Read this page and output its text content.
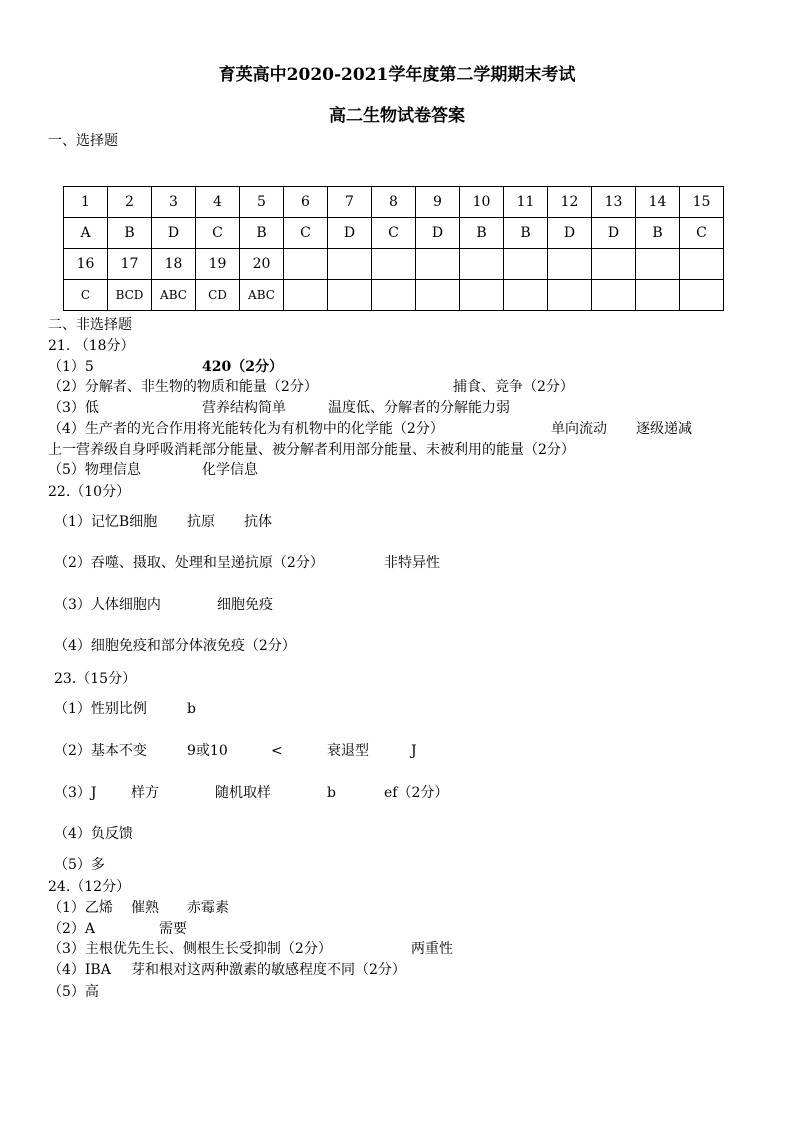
育英高中2020-2021学年度第二学期期末考试
高二生物试卷答案
一、选择题
1	2	3	4	5	6	7	8	9	10	11	12	13	14	15
A	B	D	C	B	C	D	C	D	B	B	D	D	B	C
16	17	18	19	20										
C	BCD	ABC	CD	ABC										
二、非选择题
21. （18分）
（1）5	420（2分）
（2）分解者、非生物的物质和能量（2分）	捕食、竞争（2分）
（3）低	营养结构简单	温度低、分解者的分解能力弱
（4）生产者的光合作用将光能转化为有机物中的化学能（2分）	单向流动 逐级递减
上一营养级自身呼吸消耗部分能量、被分解者利用部分能量、未被利用的能量（2分）
（5）物理信息	化学信息
22.（10分）
（1）记忆B细胞 抗原 抗体
（2）吞噬、摄取、处理和呈递抗原（2分）	非特异性
（3）人体细胞内	细胞免疫
（4）细胞免疫和部分体液免疫（2分）
23.（15分）
（1）性别比例	b
（2）基本不变	9或10	<	衰退型	J
（3）J 样方	随机取样	b	ef（2分）
（4）负反馈
（5）多
24.（12分）
（1）乙烯 催熟 赤霉素
（2）A	需要
（3）主根优先生长、侧根生长受抑制（2分）	两重性
（4）IBA 芽和根对这两种激素的敏感程度不同（2分）
（5）高
